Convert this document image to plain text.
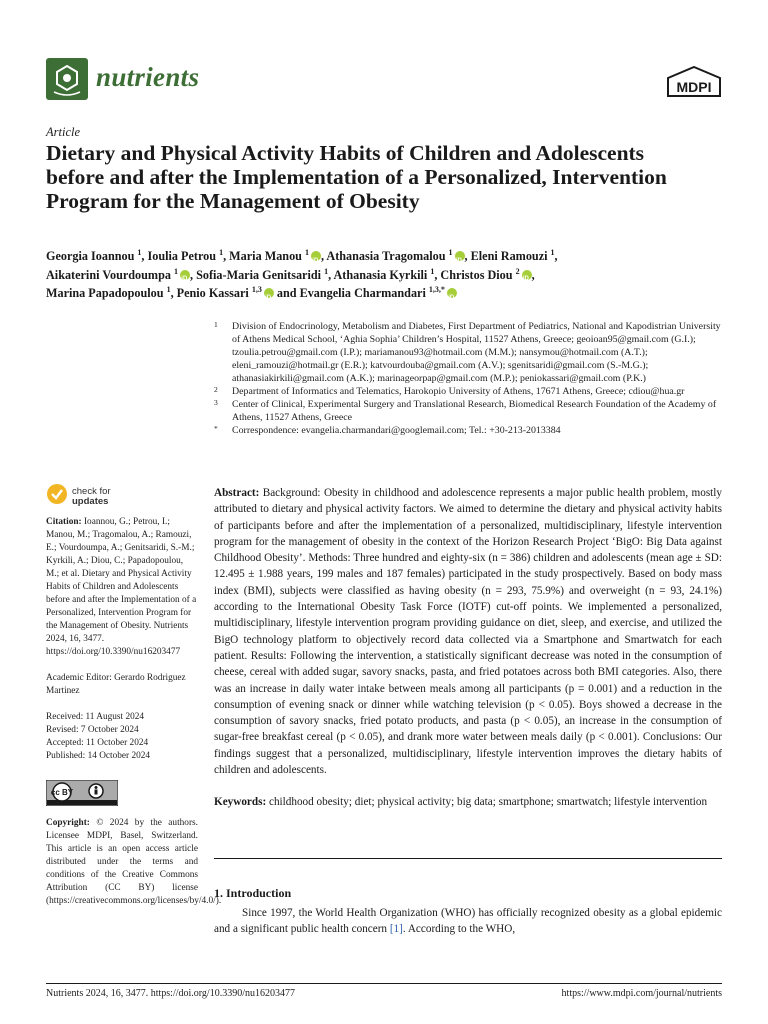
nutrients	MDPI
Article
Dietary and Physical Activity Habits of Children and Adolescents before and after the Implementation of a Personalized, Intervention Program for the Management of Obesity
Georgia Ioannou $^1$, Ioulia Petrou $^1$, Maria Manou $^1$ iD , Athanasia Tragomalou $^1$ iD , Eleni Ramouzi $^1$,
Aikaterini Vourdoumpa $^1$ iD , Sofia-Maria Genitsaridi $^1$, Athanasia Kyrkili $^1$, Christos Diou $^2$ iD ,
Marina Papadopoulou $^1$, Penio Kassari $^{1,3}$iD and Evangelia Charmandari $^{1,3,*}$iD
1 Division of Endocrinology, Metabolism and Diabetes, First Department of Pediatrics, National and Kapodistrian University of Athens Medical School, ‘Aghia Sophia’ Children’s Hospital, 11527 Athens, Greece; geoioan95@gmail.com (G.I.); tzoulia.petrou@gmail.com (I.P.); mariamanou93@hotmail.com (M.M.); nansymou@hotmail.com (A.T.); eleni_ramouzi@hotmail.gr (E.R.); katvourdouba@gmail.com (A.V.); sgenitsaridi@gmail.com (S.-M.G.); athanasiakirkili@gmail.com (A.K.); marinageorpap@gmail.com (M.P.); peniokassari@gmail.com (P.K.)
2 Department of Informatics and Telematics, Harokopio University of Athens, 17671 Athens, Greece; cdiou@hua.gr
3 Center of Clinical, Experimental Surgery and Translational Research, Biomedical Research Foundation of the Academy of Athens, 11527 Athens, Greece
* Correspondence: evangelia.charmandari@googlemail.com; Tel.: +30-213-2013384
check for
updates
Citation: Ioannou, G.; Petrou, I.; Manou, M.; Tragomalou, A.; Ramouzi, E.; Vourdoumpa, A.; Genitsaridi, S.-M.; Kyrkili, A.; Diou, C.; Papadopoulou, M.; et al. Dietary and Physical Activity Habits of Children and Adolescents before and after the Implementation of a Personalized, Intervention Program for the Management of Obesity. Nutrients 2024, 16, 3477. https://doi.org/10.3390/nu16203477
Academic Editor: Gerardo Rodriguez Martinez
Received: 11 August 2024
Revised: 7 October 2024
Accepted: 11 October 2024
Published: 14 October 2024
cc BY
Copyright: © 2024 by the authors. Licensee MDPI, Basel, Switzerland. This article is an open access article distributed under the terms and conditions of the Creative Commons Attribution (CC BY) license (https://creativecommons.org/licenses/by/4.0/).
Abstract: Background: Obesity in childhood and adolescence represents a major public health problem, mostly attributed to dietary and physical activity factors. We aimed to determine the dietary and physical activity habits of participants before and after the implementation of a personalized, multidisciplinary, lifestyle intervention program for the management of obesity in the context of the Horizon Research Project ‘BigO: Big Data against Childhood Obesity’. Methods: Three hundred and eighty-six (n = 386) children and adolescents (mean age ± SD: 12.495 ± 1.988 years, 199 males and 187 females) participated in the study prospectively. Based on body mass index (BMI), subjects were classified as having obesity (n = 293, 75.9%) and overweight (n = 93, 24.1%) according to the International Obesity Task Force (IOTF) cut-off points. We implemented a personalized, multidisciplinary, lifestyle intervention program providing guidance on diet, sleep, and exercise, and utilized the BigO technology platform to objectively record data collected via a Smartphone and Smartwatch for each patient. Results: Following the intervention, a statistically significant decrease was noted in the consumption of cheese, cereal with added sugar, savory snacks, pasta, and fried potatoes across both BMI categories. Also, there was an increase in daily water intake between meals among all participants (p = 0.001) and a reduction in the consumption of evening snack or dinner while watching television (p < 0.05). Boys showed a decrease in the consumption of savory snacks, fried potato products, and pasta (p < 0.05), an increase in the consumption of sugar-free breakfast cereal (p < 0.05), and drank more water between meals daily (p < 0.001). Conclusions: Our findings suggest that a personalized, multidisciplinary, lifestyle intervention improves the dietary habits of children and adolescents.
Keywords: childhood obesity; diet; physical activity; big data; smartphone; smartwatch; lifestyle intervention
1. Introduction
Since 1997, the World Health Organization (WHO) has officially recognized obesity as a global epidemic and a significant public health concern [1]. According to the WHO,
Nutrients 2024, 16, 3477. https://doi.org/10.3390/nu16203477	https://www.mdpi.com/journal/nutrients
